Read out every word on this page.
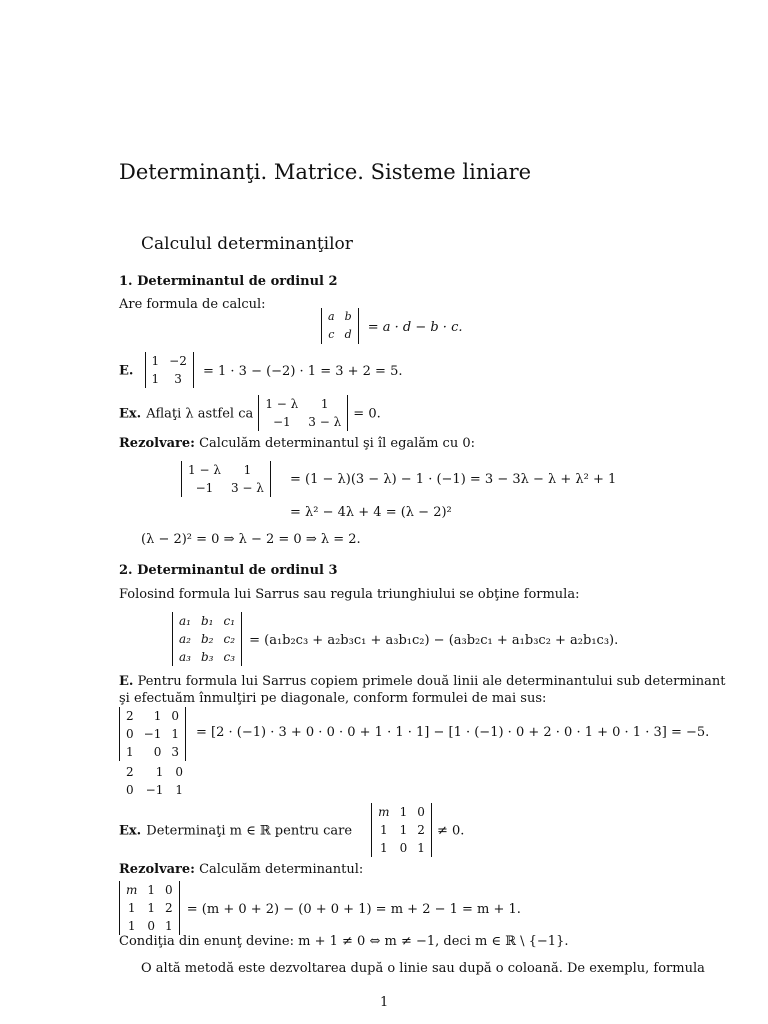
Determinanţi. Matrice. Sisteme liniare
Calculul determinanţilor
1. Determinantul de ordinul 2
Are formula de calcul:
a b
c d = a · d − b · c.
E.
1 −2
1	3
= 1 · 3 − (−2) · 1 = 3 + 2 = 5.
Ex. Aflaţi λ astfel ca
1 − λ	1
−1	3 − λ
= 0.
Rezolvare: Calculăm determinantul şi îl egalăm cu 0:
1 − λ	1
−1	3 − λ
= (1 − λ)(3 − λ) − 1 · (−1) = 3 − 3λ − λ + λ² + 1
= λ² − 4λ + 4 = (λ − 2)²
(λ − 2)² = 0 ⇒ λ − 2 = 0 ⇒ λ = 2.
2. Determinantul de ordinul 3
Folosind formula lui Sarrus sau regula triunghiului se obţine formula:
a₁ b₁ c₁
a₂ b₂ c₂
a₃ b₃ c₃
= (a₁b₂c₃ + a₂b₃c₁ + a₃b₁c₂) − (a₃b₂c₁ + a₁b₃c₂ + a₂b₁c₃).
E. Pentru formula lui Sarrus copiem primele două linii ale determinantului sub determinant
şi efectuăm înmulţiri pe diagonale, conform formulei de mai sus:
2	1 0
0 −1 1
1	0 3
= [2 · (−1) · 3 + 0 · 0 · 0 + 1 · 1 · 1] − [1 · (−1) · 0 + 2 · 0 · 1 + 0 · 1 · 3] = −5.
2	1 0
0 −1 1
Ex. Determinaţi m ∈ ℝ pentru care
m 1 0
1 1 2
1 0 1
≠ 0.
Rezolvare: Calculăm determinantul:
m 1 0
1 1 2
1 0 1
= (m + 0 + 2) − (0 + 0 + 1) = m + 2 − 1 = m + 1.
Condiţia din enunţ devine: m + 1 ≠ 0 ⇔ m ≠ −1, deci m ∈ ℝ \ {−1}.
O altă metodă este dezvoltarea după o linie sau după o coloană. De exemplu, formula
1
